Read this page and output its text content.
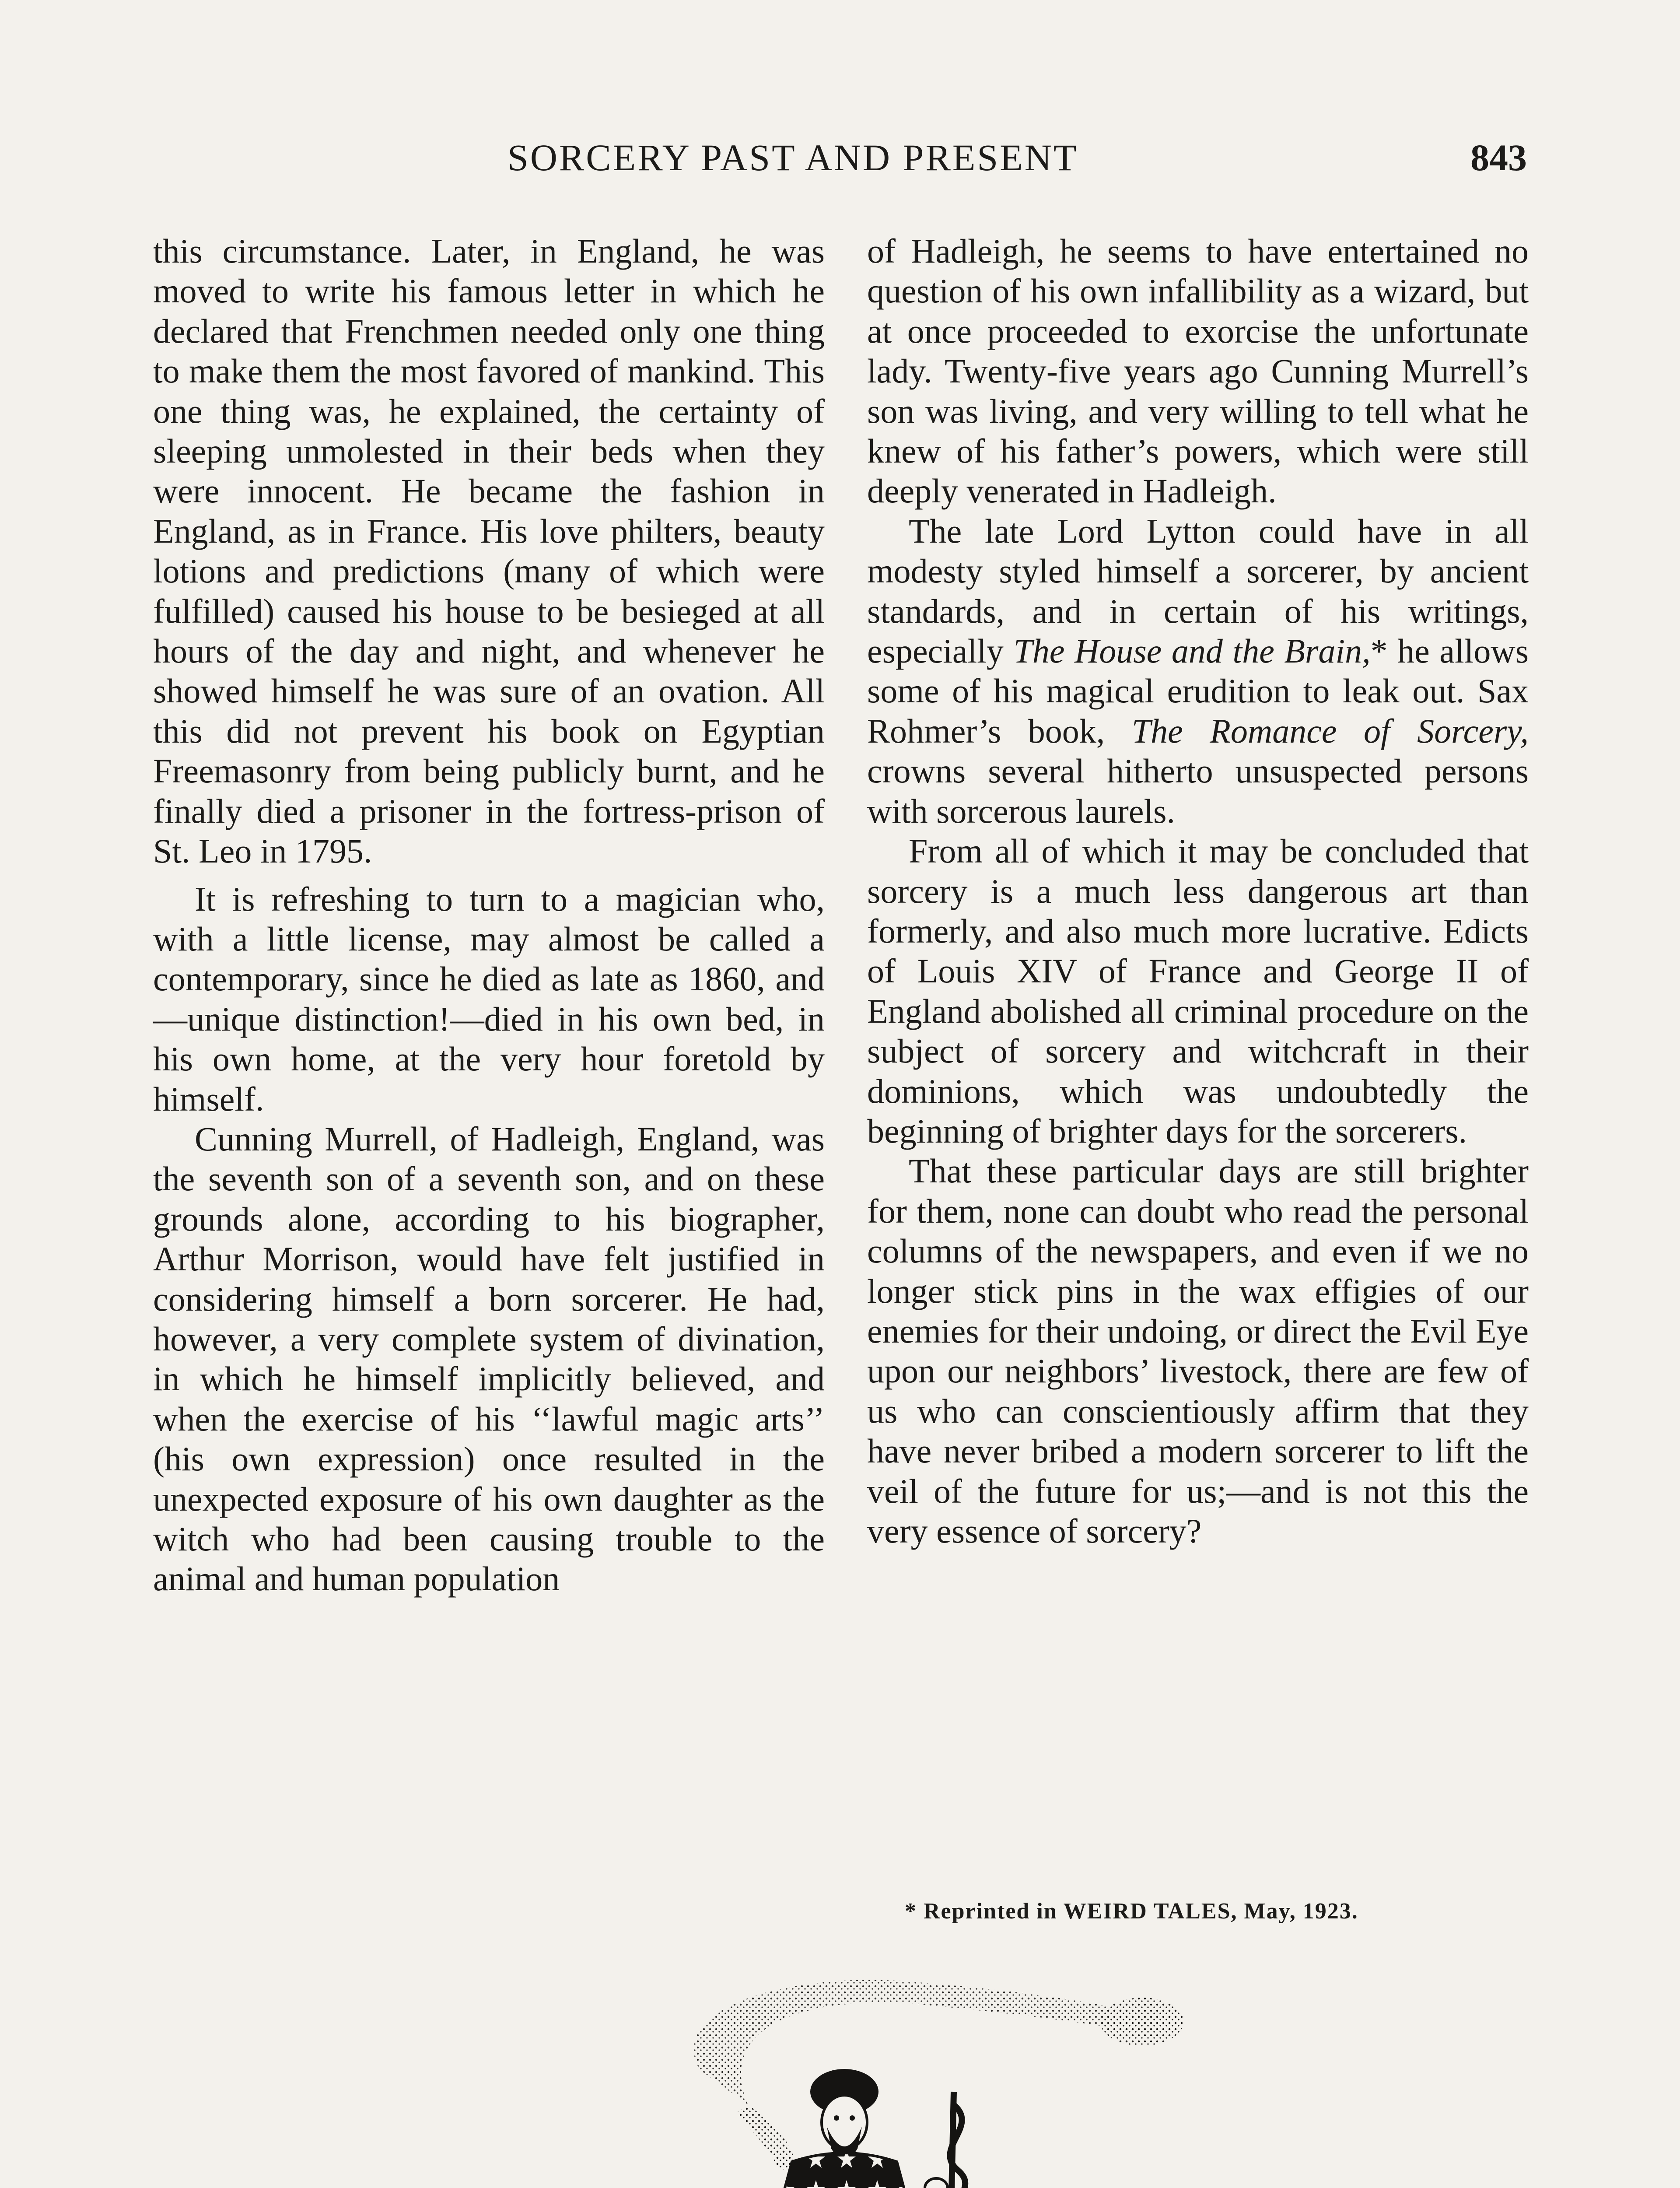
SORCERY PAST AND PRESENT	843

this circumstance. Later, in England, he was moved to write his famous letter in which he declared that Frenchmen needed only one thing to make them the most favored of mankind. This one thing was, he explained, the certainty of sleeping unmolested in their beds when they were innocent. He became the fashion in England, as in France. His love philters, beauty lotions and predictions (many of which were fulfilled) caused his house to be besieged at all hours of the day and night, and whenever he showed himself he was sure of an ovation. All this did not prevent his book on Egyptian Freemasonry from being publicly burnt, and he finally died a prisoner in the fortress-prison of St. Leo in 1795.

It is refreshing to turn to a magician who, with a little license, may almost be called a contemporary, since he died as late as 1860, and—unique distinction!—died in his own bed, in his own home, at the very hour foretold by himself.

Cunning Murrell, of Hadleigh, England, was the seventh son of a seventh son, and on these grounds alone, according to his biographer, Arthur Morrison, would have felt justified in considering himself a born sorcerer. He had, however, a very complete system of divination, in which he himself implicitly believed, and when the exercise of his ‘‘lawful magic arts’’ (his own expression) once resulted in the unexpected exposure of his own daughter as the witch who had been causing trouble to the animal and human population

of Hadleigh, he seems to have entertained no question of his own infallibility as a wizard, but at once proceeded to exorcise the unfortunate lady. Twenty-five years ago Cunning Murrell’s son was living, and very willing to tell what he knew of his father’s powers, which were still deeply venerated in Hadleigh.

The late Lord Lytton could have in all modesty styled himself a sorcerer, by ancient standards, and in certain of his writings, especially The House and the Brain,* he allows some of his magical erudition to leak out. Sax Rohmer’s book, The Romance of Sorcery, crowns several hitherto unsuspected persons with sorcerous laurels.

From all of which it may be concluded that sorcery is a much less dangerous art than formerly, and also much more lucrative. Edicts of Louis XIV of France and George II of England abolished all criminal procedure on the subject of sorcery and witchcraft in their dominions, which was undoubtedly the beginning of brighter days for the sorcerers.

That these particular days are still brighter for them, none can doubt who read the personal columns of the newspapers, and even if we no longer stick pins in the wax effigies of our enemies for their undoing, or direct the Evil Eye upon our neighbors’ livestock, there are few of us who can conscientiously affirm that they have never bribed a modern sorcerer to lift the veil of the future for us;—and is not this the very essence of sorcery?

* Reprinted in WEIRD TALES, May, 1923.
